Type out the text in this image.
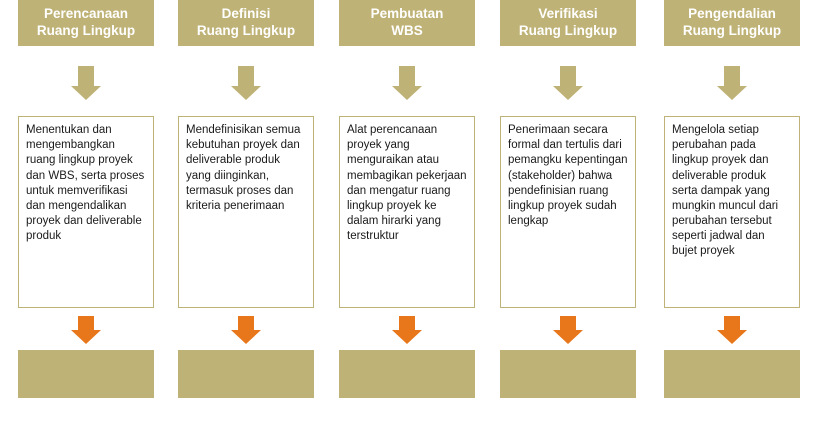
Perencanaan
Ruang Lingkup
Menentukan dan mengembangkan ruang lingkup proyek dan WBS, serta proses untuk memverifikasi dan mengendalikan proyek dan deliverable produk
Definisi
Ruang Lingkup
Mendefinisikan semua kebutuhan proyek dan deliverable produk yang diinginkan, termasuk proses dan kriteria penerimaan
Pembuatan
WBS
Alat perencanaan proyek yang menguraikan atau membagikan pekerjaan dan mengatur ruang lingkup proyek ke dalam hirarki yang terstruktur
Verifikasi
Ruang Lingkup
Penerimaan secara formal dan tertulis dari pemangku kepentingan (stakeholder) bahwa pendefinisian ruang lingkup proyek sudah lengkap
Pengendalian
Ruang Lingkup
Mengelola setiap perubahan pada lingkup proyek dan deliverable produk serta dampak yang mungkin muncul dari perubahan tersebut seperti jadwal dan bujet proyek
